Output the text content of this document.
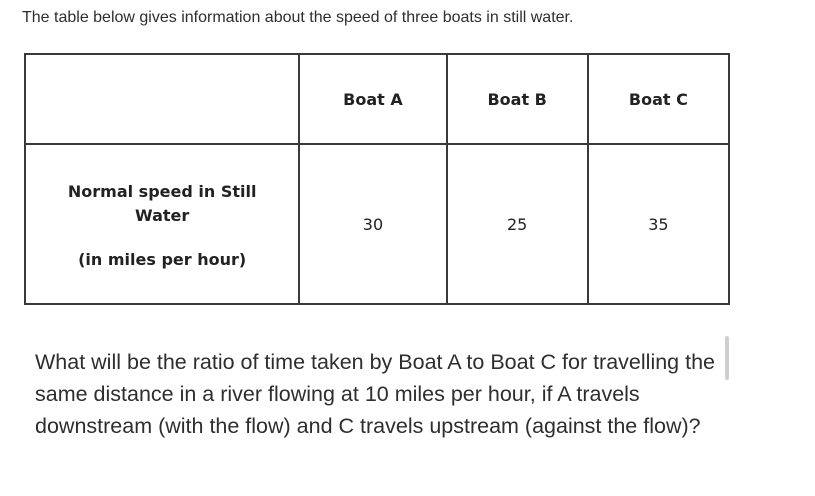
The table below gives information about the speed of three boats in still water.
	Boat A	Boat B	Boat C

Normal speed in Still
Water
(in miles per hour)	30	25	35
What will be the ratio of time taken by Boat A to Boat C for travelling the same distance in a river flowing at 10 miles per hour, if A travels downstream (with the flow) and C travels upstream (against the flow)?
